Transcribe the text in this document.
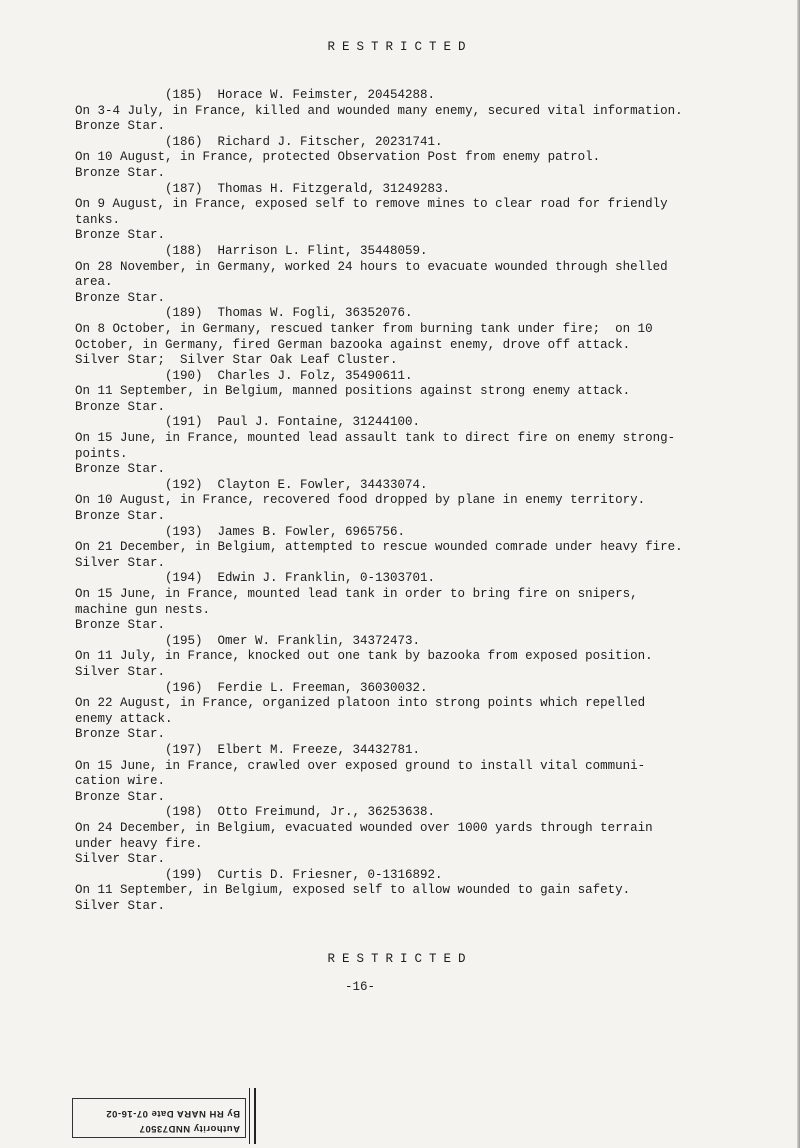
RESTRICTED
(185)  Horace W. Feimster, 20454288.
On 3-4 July, in France, killed and wounded many enemy, secured vital information.
Bronze Star.
(186)  Richard J. Fitscher, 20231741.
On 10 August, in France, protected Observation Post from enemy patrol.
Bronze Star.
(187)  Thomas H. Fitzgerald, 31249283.
On 9 August, in France, exposed self to remove mines to clear road for friendly
tanks.
Bronze Star.
(188)  Harrison L. Flint, 35448059.
On 28 November, in Germany, worked 24 hours to evacuate wounded through shelled
area.
Bronze Star.
(189)  Thomas W. Fogli, 36352076.
On 8 October, in Germany, rescued tanker from burning tank under fire;  on 10
October, in Germany, fired German bazooka against enemy, drove off attack.
Silver Star;  Silver Star Oak Leaf Cluster.
(190)  Charles J. Folz, 35490611.
On 11 September, in Belgium, manned positions against strong enemy attack.
Bronze Star.
(191)  Paul J. Fontaine, 31244100.
On 15 June, in France, mounted lead assault tank to direct fire on enemy strong-
points.
Bronze Star.
(192)  Clayton E. Fowler, 34433074.
On 10 August, in France, recovered food dropped by plane in enemy territory.
Bronze Star.
(193)  James B. Fowler, 6965756.
On 21 December, in Belgium, attempted to rescue wounded comrade under heavy fire.
Silver Star.
(194)  Edwin J. Franklin, 0-1303701.
On 15 June, in France, mounted lead tank in order to bring fire on snipers,
machine gun nests.
Bronze Star.
(195)  Omer W. Franklin, 34372473.
On 11 July, in France, knocked out one tank by bazooka from exposed position.
Silver Star.
(196)  Ferdie L. Freeman, 36030032.
On 22 August, in France, organized platoon into strong points which repelled
enemy attack.
Bronze Star.
(197)  Elbert M. Freeze, 34432781.
On 15 June, in France, crawled over exposed ground to install vital communi-
cation wire.
Bronze Star.
(198)  Otto Freimund, Jr., 36253638.
On 24 December, in Belgium, evacuated wounded over 1000 yards through terrain
under heavy fire.
Silver Star.
(199)  Curtis D. Friesner, 0-1316892.
On 11 September, in Belgium, exposed self to allow wounded to gain safety.
Silver Star.
RESTRICTED
-16-
Authority NND73507
By RH NARA Date 07-16-02
